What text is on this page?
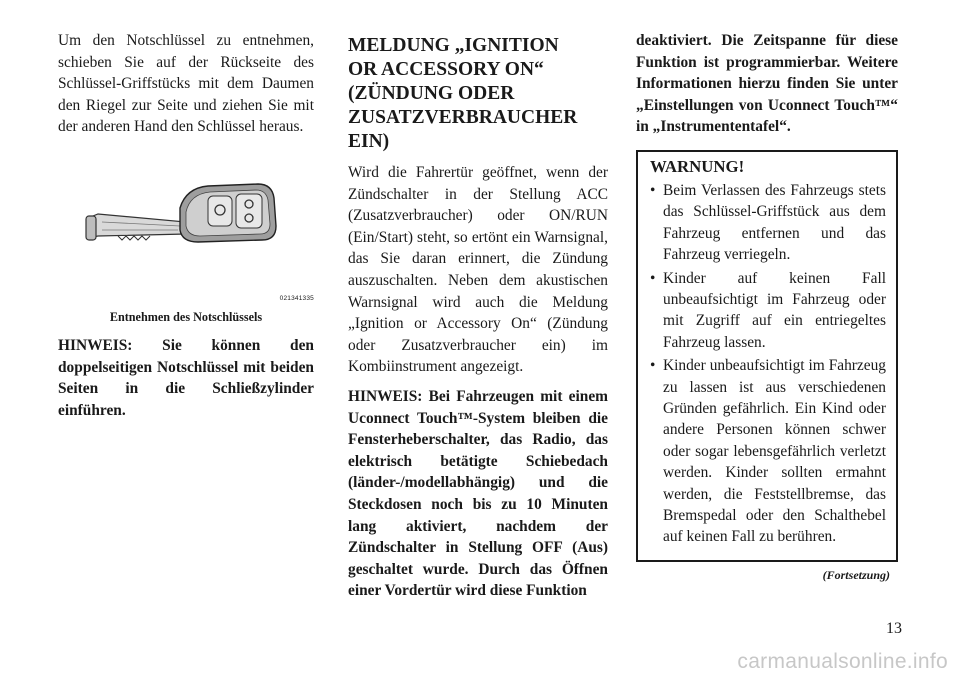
Um den Notschlüssel zu entnehmen, schieben Sie auf der Rückseite des Schlüssel-Griffstücks mit dem Daumen den Riegel zur Seite und ziehen Sie mit der anderen Hand den Schlüssel heraus.

021341335

Entnehmen des Notschlüssels

HINWEIS: Sie können den doppelseitigen Notschlüssel mit beiden Seiten in die Schließzylinder einführen.

MELDUNG „IGNITION
OR ACCESSORY ON“
(ZÜNDUNG ODER
ZUSATZVERBRAUCHER
EIN)

Wird die Fahrertür geöffnet, wenn der Zündschalter in der Stellung ACC (Zusatzverbraucher) oder ON/RUN (Ein/Start) steht, so ertönt ein Warnsignal, das Sie daran erinnert, die Zündung auszuschalten. Neben dem akustischen Warnsignal wird auch die Meldung „Ignition or Accessory On“ (Zündung oder Zusatzverbraucher ein) im Kombiinstrument angezeigt.

HINWEIS: Bei Fahrzeugen mit einem Uconnect Touch™-System bleiben die Fensterheberschalter, das Radio, das elektrisch betätigte Schiebedach (länder-/modellabhängig) und die Steckdosen noch bis zu 10 Minuten lang aktiviert, nachdem der Zündschalter in Stellung OFF (Aus) geschaltet wurde. Durch das Öffnen einer Vordertür wird diese Funktion

deaktiviert. Die Zeitspanne für diese Funktion ist programmierbar. Weitere Informationen hierzu finden Sie unter „Einstellungen von Uconnect Touch™“ in „Instrumententafel“.

WARNUNG!
• Beim Verlassen des Fahrzeugs stets das Schlüssel-Griffstück aus dem Fahrzeug entfernen und das Fahrzeug verriegeln.
• Kinder auf keinen Fall unbeaufsichtigt im Fahrzeug oder mit Zugriff auf ein entriegeltes Fahrzeug lassen.
• Kinder unbeaufsichtigt im Fahrzeug zu lassen ist aus verschiedenen Gründen gefährlich. Ein Kind oder andere Personen können schwer oder sogar lebensgefährlich verletzt werden. Kinder sollten ermahnt werden, die Feststellbremse, das Bremspedal oder den Schalthebel auf keinen Fall zu berühren.
(Fortsetzung)
13
carmanualsonline.info
